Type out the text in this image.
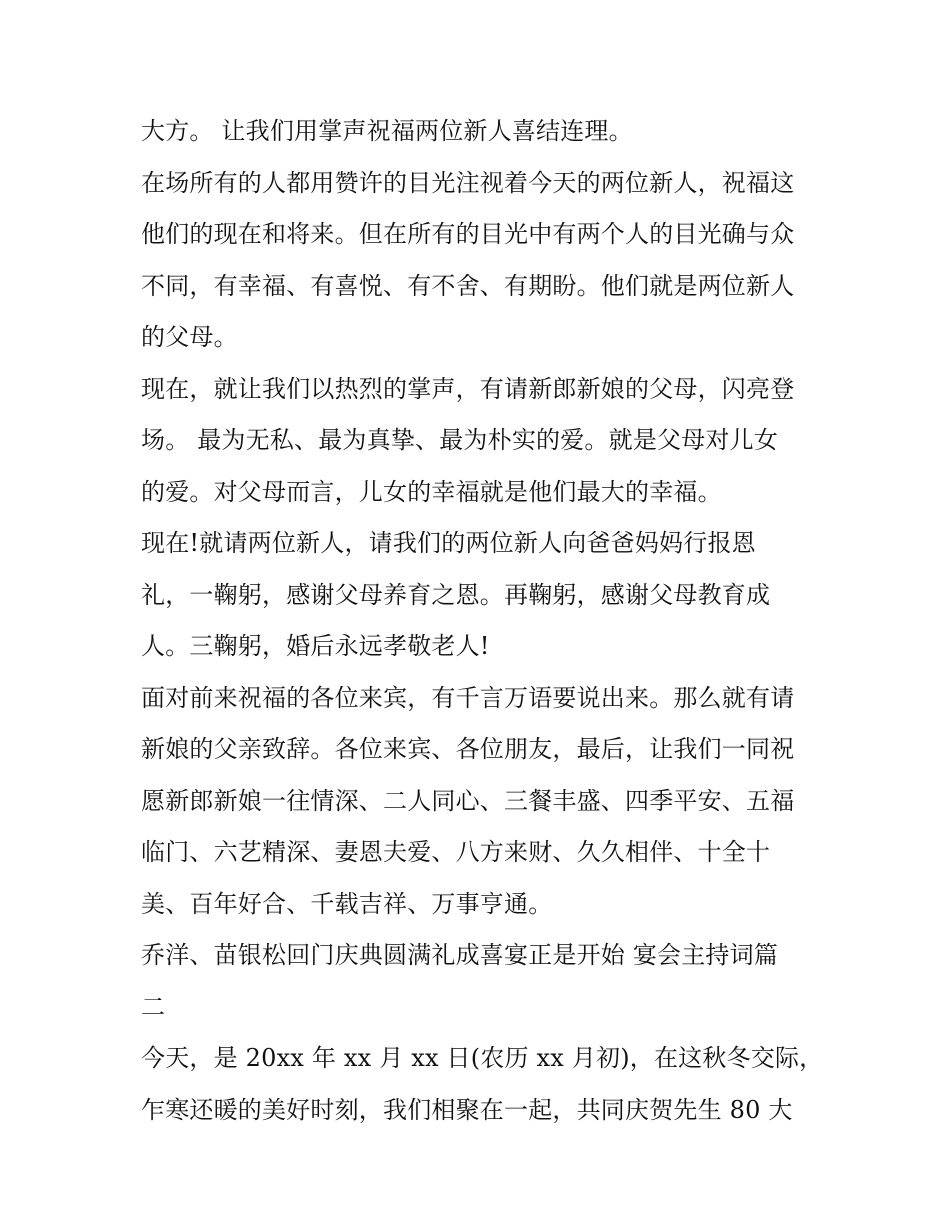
大方。 让我们用掌声祝福两位新人喜结连理。
在场所有的人都用赞许的目光注视着今天的两位新人，祝福这
他们的现在和将来。但在所有的目光中有两个人的目光确与众
不同，有幸福、有喜悦、有不舍、有期盼。他们就是两位新人
的父母。
现在，就让我们以热烈的掌声，有请新郎新娘的父母，闪亮登
场。 最为无私、最为真挚、最为朴实的爱。就是父母对儿女
的爱。对父母而言，儿女的幸福就是他们最大的幸福。
现在!就请两位新人，请我们的两位新人向爸爸妈妈行报恩
礼，一鞠躬，感谢父母养育之恩。再鞠躬，感谢父母教育成
人。三鞠躬，婚后永远孝敬老人!
面对前来祝福的各位来宾，有千言万语要说出来。那么就有请
新娘的父亲致辞。各位来宾、各位朋友，最后，让我们一同祝
愿新郎新娘一往情深、二人同心、三餐丰盛、四季平安、五福
临门、六艺精深、妻恩夫爱、八方来财、久久相伴、十全十
美、百年好合、千载吉祥、万事亨通。
乔洋、苗银松回门庆典圆满礼成喜宴正是开始 宴会主持词篇
二
今天，是 20xx 年 xx 月 xx 日(农历 xx 月初)，在这秋冬交际，
乍寒还暖的美好时刻，我们相聚在一起，共同庆贺先生 80 大
